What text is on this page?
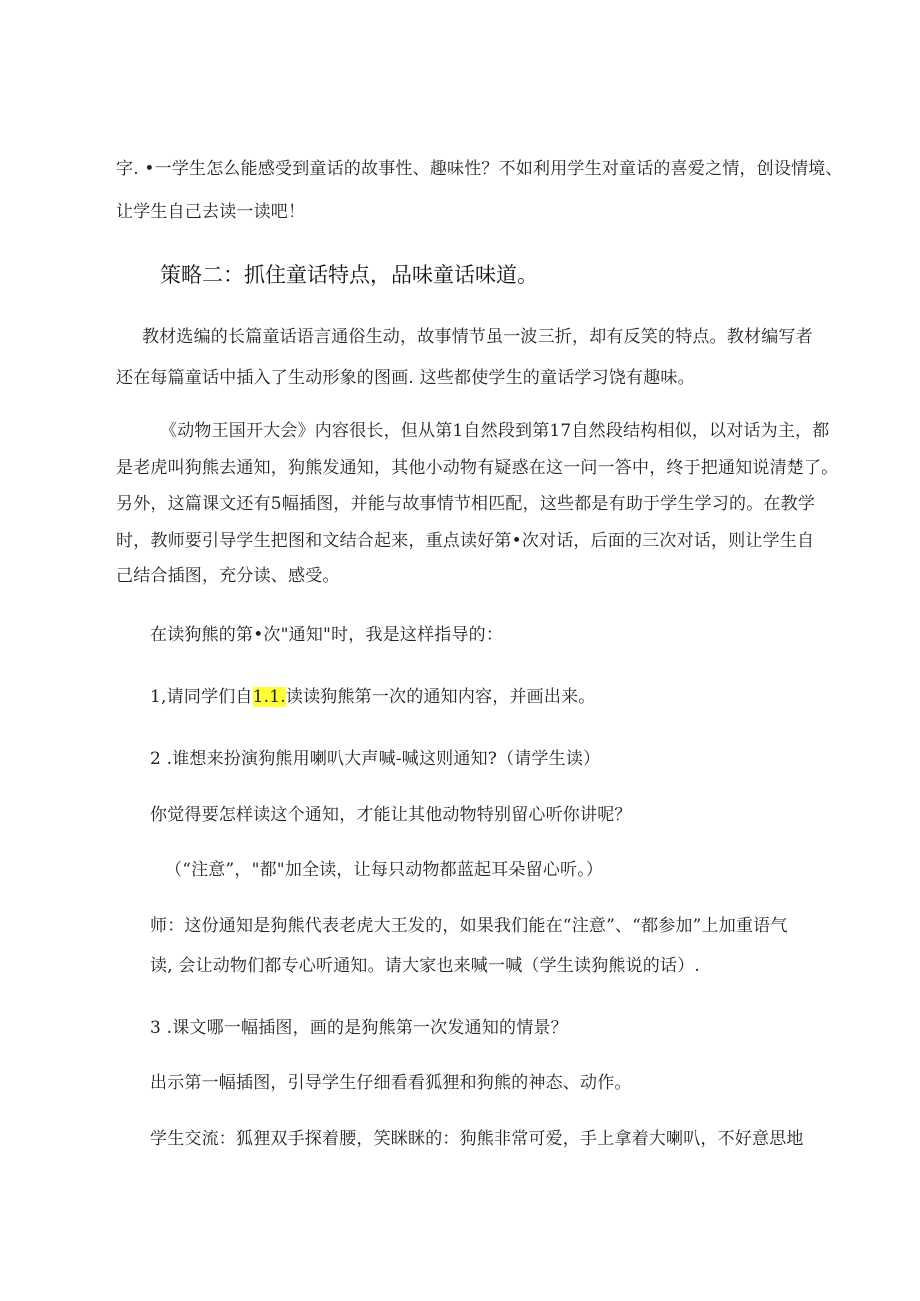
字. •一学生怎么能感受到童话的故事性、趣味性？不如利用学生对童话的喜爱之情，创设情境、
让学生自己去读一读吧！
策略二：抓住童话特点，品味童话味道。
教材选编的长篇童话语言通俗生动，故事情节虽一波三折，却有反笑的特点。教材编写者
还在每篇童话中插入了生动形象的图画. 这些都使学生的童话学习饶有趣味。
《动物王国开大会》内容很长，但从第1自然段到第17自然段结构相似，以对话为主，都
是老虎叫狗熊去通知，狗熊发通知，其他小动物有疑惑在这一问一答中，终于把通知说清楚了。
另外，这篇课文还有5幅插图，并能与故事情节相匹配，这些都是有助于学生学习的。在教学
时，教师要引导学生把图和文结合起来，重点读好第•次对话，后面的三次对话，则让学生自
己结合插图，充分读、感受。
在读狗熊的第•次"通知"时，我是这样指导的：
1,请同学们自1.1.读读狗熊第一次的通知内容，并画出来。
2 .谁想来扮演狗熊用喇叭大声喊-喊这则通知?（请学生读）
你觉得要怎样读这个通知，才能让其他动物特别留心听你讲呢？
（“注意”，"都"加全读，让每只动物都蓝起耳朵留心听。）
师：这份通知是狗熊代表老虎大王发的，如果我们能在“注意”、“都参加”上加重语气
读, 会让动物们都专心听通知。请大家也来喊一喊（学生读狗熊说的话）.
3 .课文哪一幅插图，画的是狗熊第一次发通知的情景？
出示第一幅插图，引导学生仔细看看狐狸和狗熊的神态、动作。
学生交流：狐狸双手探着腰，笑眯眯的：狗熊非常可爱，手上拿着大喇叭，不好意思地
